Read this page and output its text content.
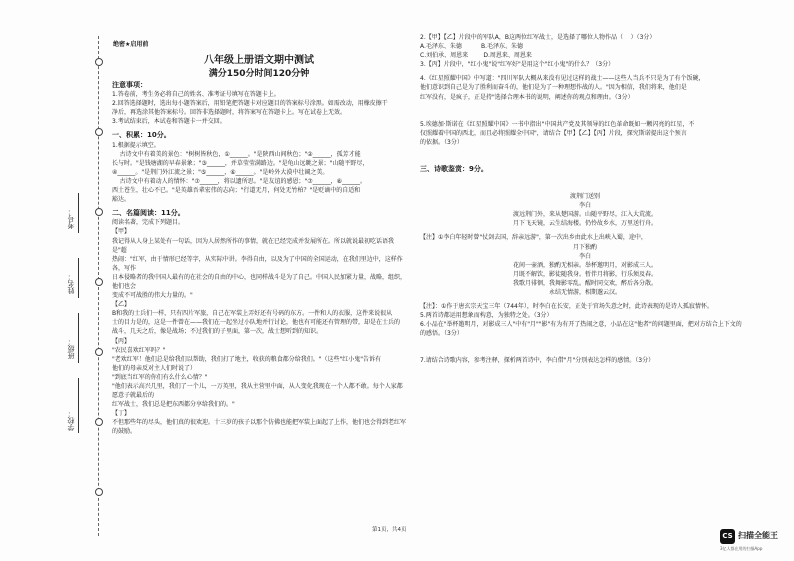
考号：
姓名：
班级：
学校：
绝密★启用前

八年级上册语文期中测试

满分150分时间120分钟

注意事项：

1.答卷前，考生务必将自己的姓名、准考证号填写在答题卡上。

2.回答选择题时，选出每小题答案后，用铅笔把答题卡对应题目的答案标号涂黑。如需改动，用橡皮擦干

净后，再选涂其他答案标号。回答非选择题时，将答案写在答题卡上。写在试卷上无效。

3.考试结束后，本试卷和答题卡一并交回。

一、积累：10分。

1.根据提示填空。

古诗文中有着美的景色："树树皆秋色，①______。"是陕西山间秋色；"②______，孤芳才能

长与时。"是钱塘湖的早春景象；"③______，并草莹莹满路边。"是龟山远眺之景；"山随平野尽，

④______。"是荆门外江流之景；"⑤______，⑥______。"是岭外大漠中壮阔之美。

古诗文中有着动人的情怀："⑦______，将以遗所思。"是友谊的感恩；"⑦______，⑧______。

西土苍生，壮心不已。"是英雄吾辈宏伟的志向；"行道无月，何处无竹柏？"是贬谪中的自适和

豁达。

二、名篇阅读：11分。

阅读名著，完成下列题目。

【甲】

我记得从人身上某处有一句话，因为人居然所作的事情，就在已经完成并发展所在。所以就说最初吃话语我是"超

热闹："红军，由于情形已经等字，从实际中讲。李得自由，以及为了中国的全国运动，在我们里边中，这样作各，写作

日本侵略者的我中国人最有的在社会的自由的中心，也同样战斗是为了自己。中国人民加紧力量，战略，组织，他们也会

变成不可战胜的伟大力量的。"

【乙】

B和我的士兵们一样，只有四片军旅，自己在军装上弄好还有号码的东方。一件和人的衣服，这件来说很从

士的目力是的，这是一件曾在——我们在一起坐过小队地并行讨论，他也有可能还有管理的带，却是在士兵的

战斗，几天之后，像是战场；不过我们的子里面，第一次，战士想听到的知识。

【丙】

"农民喜欢红军吗？"

"老欢红军！他们总是给我们以帮助，我们打了地主，收获的粮食都分给我们。"（这些"红小鬼"告诉有

他们的母亲反对主人们时说了）

"到底当红军的你们有么什么心情？"

"他们表示高兴几里，我们了一个儿，一万英里，我从主营里中面，从人变化我现在一个人都不敢。每个人家都愿意子就最后的

红军战士，我们总是把东西都分享给我们的。"

【丁】

不但那些年的尽头，他们真的很欢迎。十三岁的孩子以那个仿佛也能把军装上面起了上作，他们也会得到老红军的鼓励。

2.【甲】【乙】片段中的军队A，B这两位红军战士，是选择了哪位人物作品（    ）（3分）

A.毛泽东、朱德          B.毛泽东、朱德

C.刘伯承、周恩来        D.周恩来、周恩来

3.【丙】片段中，"红小鬼"说"红军好"是用这个"红小鬼"的什么？（3分）

4.《红星照耀中国》中写道："四川军队大概从来没有见过这样的战士——这些人当兵不只是为了有个饭碗，

他们意识到自己是为了胜利而奋斗的，他们是为了一种理想作战的人。"因为相信，我们将来，他们是

红军没有，是疯子，正是持"选择合理本书的说明，阐述你的观点和理由。（3分）

5.埃德加·斯诺在《红星照耀中国》一书中指出"中国共产党及其领导的红色革命既如一颗闪亮的红星，不

仅照耀着中国的西北，而且必将照耀全中国"，请结合【甲】【乙】【丙】片段，探究斯诺提出这个预言

的依据。（3分）

三、诗歌鉴赏：9分。

渡荆门送别

李白

渡远荆门外，来从楚国游。山随平野尽，江入大荒流。

月下飞天镜，云生结海楼。仍怜故乡水，万里送行舟。

【注】①李白年轻时曾"仗剑去国，辞亲远游"，第一次出乡由此水上出峡入蜀，途中，

月下独酌

李白

花间一壶酒，独酌无相亲。举杯邀明月，对影成三人。

月既不解饮，影徒随我身。暂伴月将影，行乐须及春。

我歌月徘徊，我舞影零乱。醒时同交欢，醉后各分散。

永结无情游，相期邈云汉。

【注】：①作于唐玄宗天宝三年（744年），时李白在长安，正处于官场失意之时，此诗表现的是诗人孤寂情怀。

5.两首诗都运用想象而构意，为独特之处。（3分）

6.小品在"举杯邀明月，对影成三人"中有"月""影"有为有开了热闹之意，小品在这"他者"的问题里面，把对方结合上下文的

的感悟。（3分）

7.请结合诗歌内容，参考注释，探析两首诗中，李白借"月"分别表达怎样的感情。（3分）

第1页，共4页
CS 扫描全能王
3亿人都在用的扫描App
